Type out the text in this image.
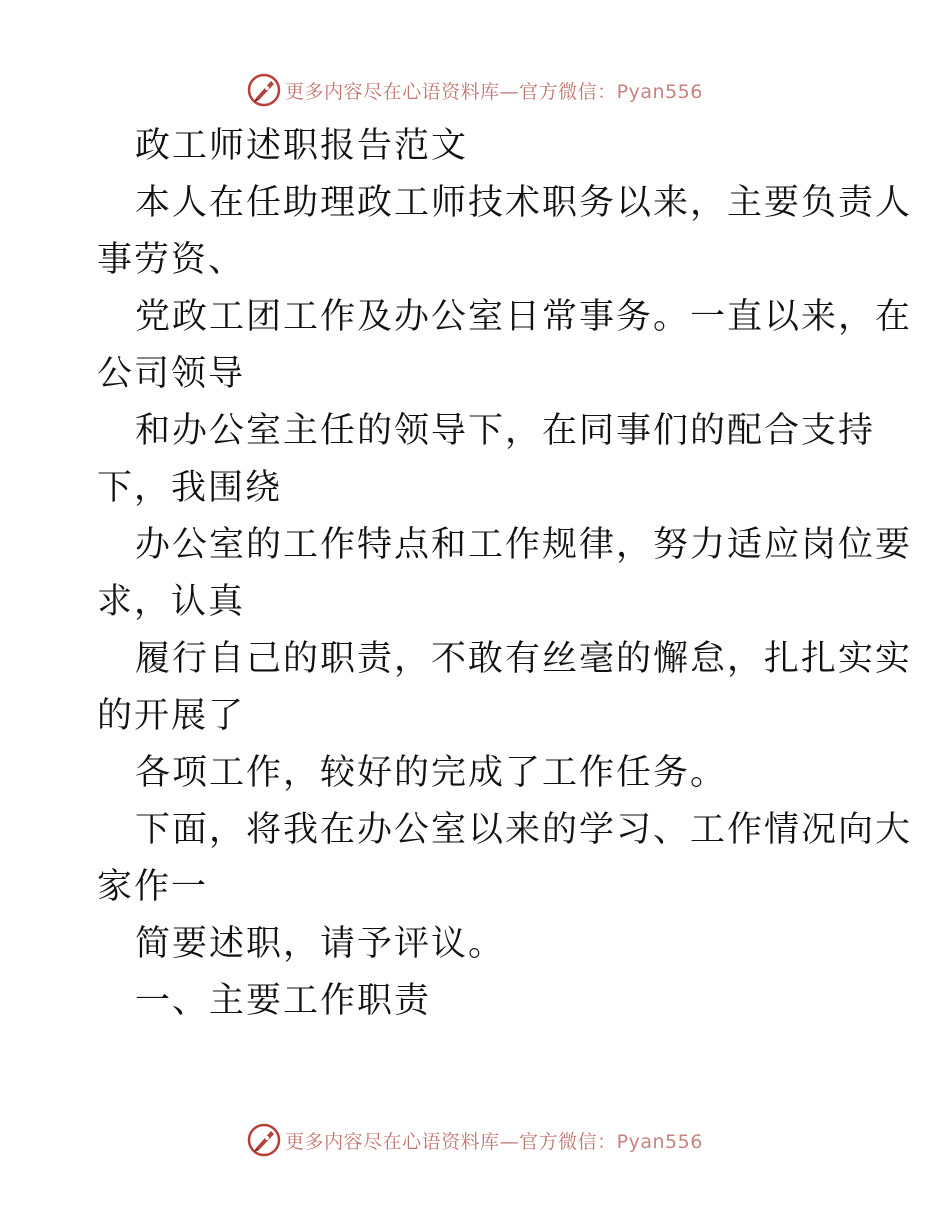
更多内容尽在心语资料库—官方微信：Pyan556
政工师述职报告范文
本人在任助理政工师技术职务以来，主要负责人
事劳资、
党政工团工作及办公室日常事务。一直以来，在
公司领导
和办公室主任的领导下，在同事们的配合支持
下，我围绕
办公室的工作特点和工作规律，努力适应岗位要
求，认真
履行自己的职责，不敢有丝毫的懈怠，扎扎实实
的开展了
各项工作，较好的完成了工作任务。
下面，将我在办公室以来的学习、工作情况向大
家作一
简要述职，请予评议。
一、主要工作职责
更多内容尽在心语资料库—官方微信：Pyan556
